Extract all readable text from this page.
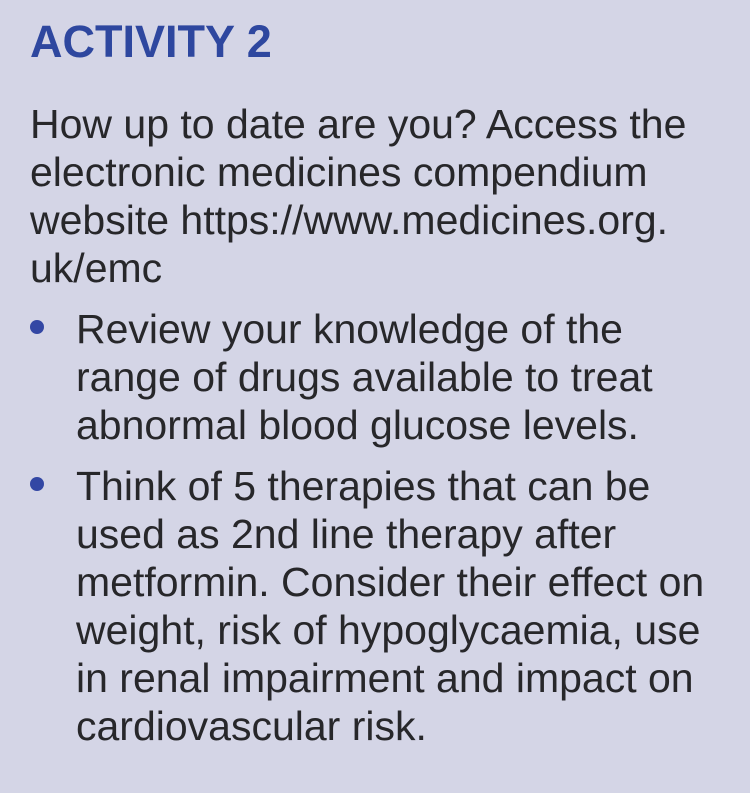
ACTIVITY 2
How up to date are you? Access the
electronic medicines compendium
website https://www.medicines.org.
uk/emc
Review your knowledge of the
range of drugs available to treat
abnormal blood glucose levels.
Think of 5 therapies that can be
used as 2nd line therapy after
metformin. Consider their effect on
weight, risk of hypoglycaemia, use
in renal impairment and impact on
cardiovascular risk.
